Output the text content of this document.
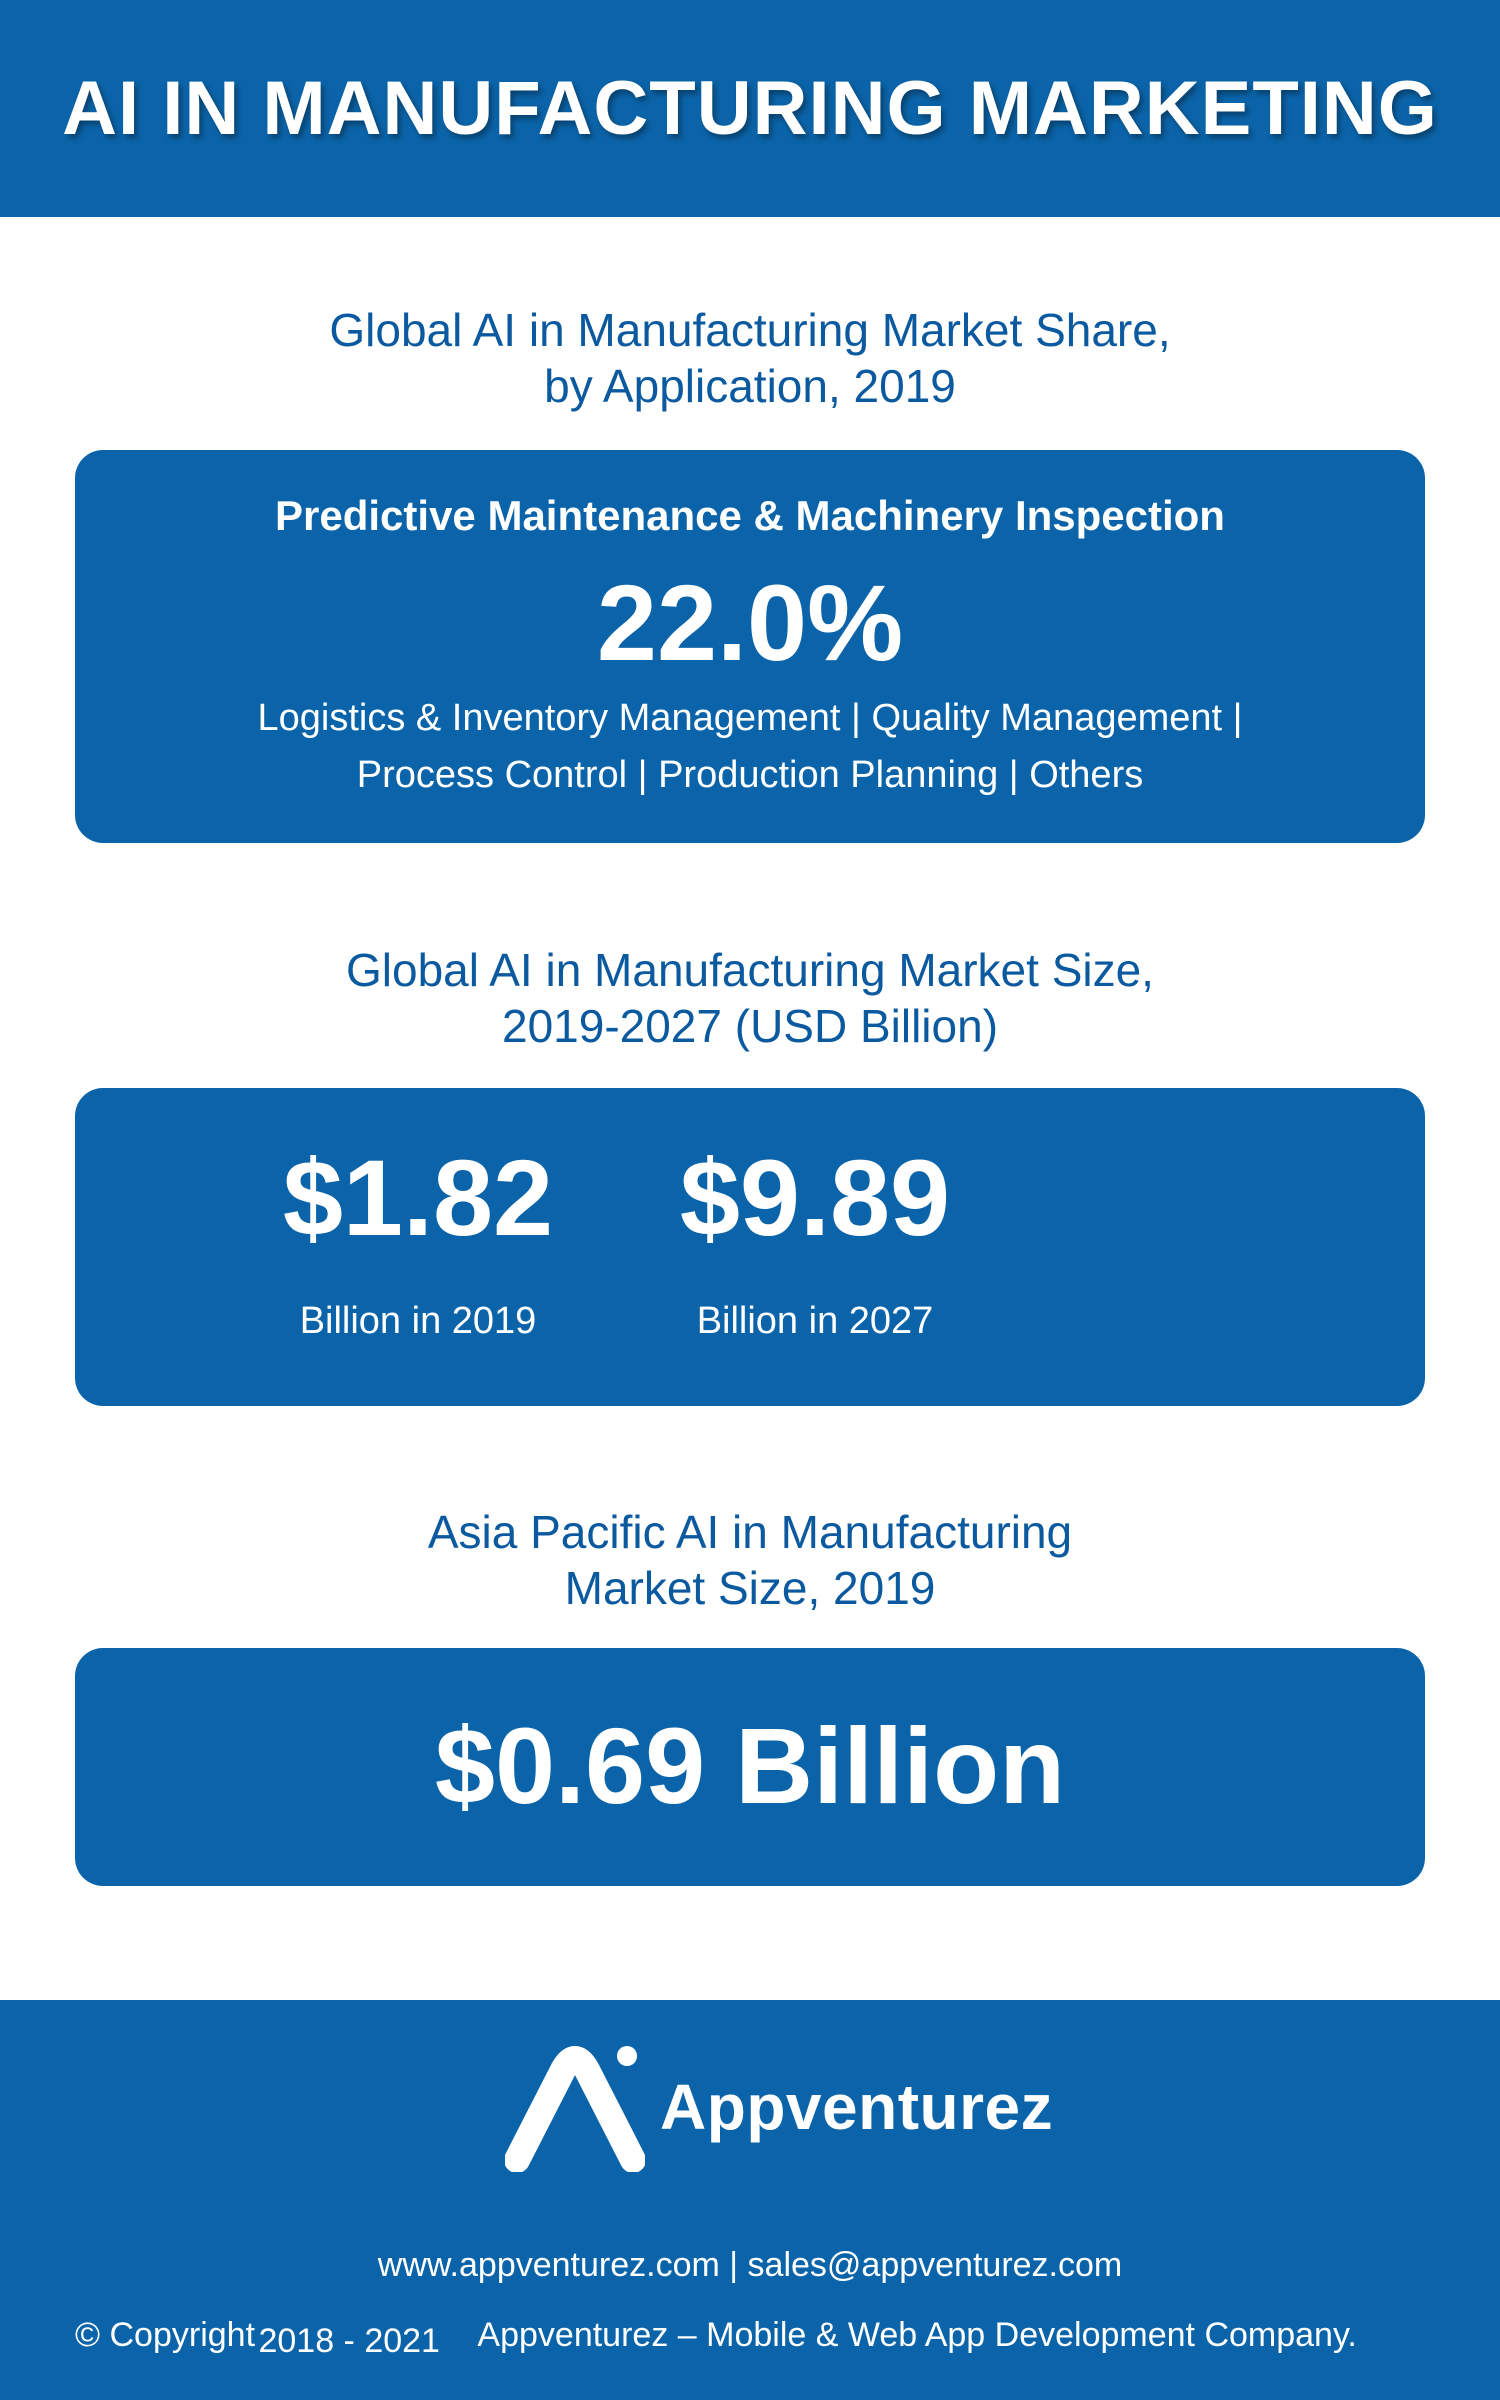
AI IN MANUFACTURING MARKETING
Global AI in Manufacturing Market Share,
by Application, 2019
Predictive Maintenance & Machinery Inspection
22.0%
Logistics & Inventory Management | Quality Management |
Process Control | Production Planning | Others
Global AI in Manufacturing Market Size,
2019-2027 (USD Billion)
$1.82
Billion in 2019
$9.89
Billion in 2027
Asia Pacific AI in Manufacturing
Market Size, 2019
$0.69 Billion
Appventurez
www.appventurez.com | sales@appventurez.com
© Copyright 2018 - 2021 Appventurez – Mobile & Web App Development Company.
